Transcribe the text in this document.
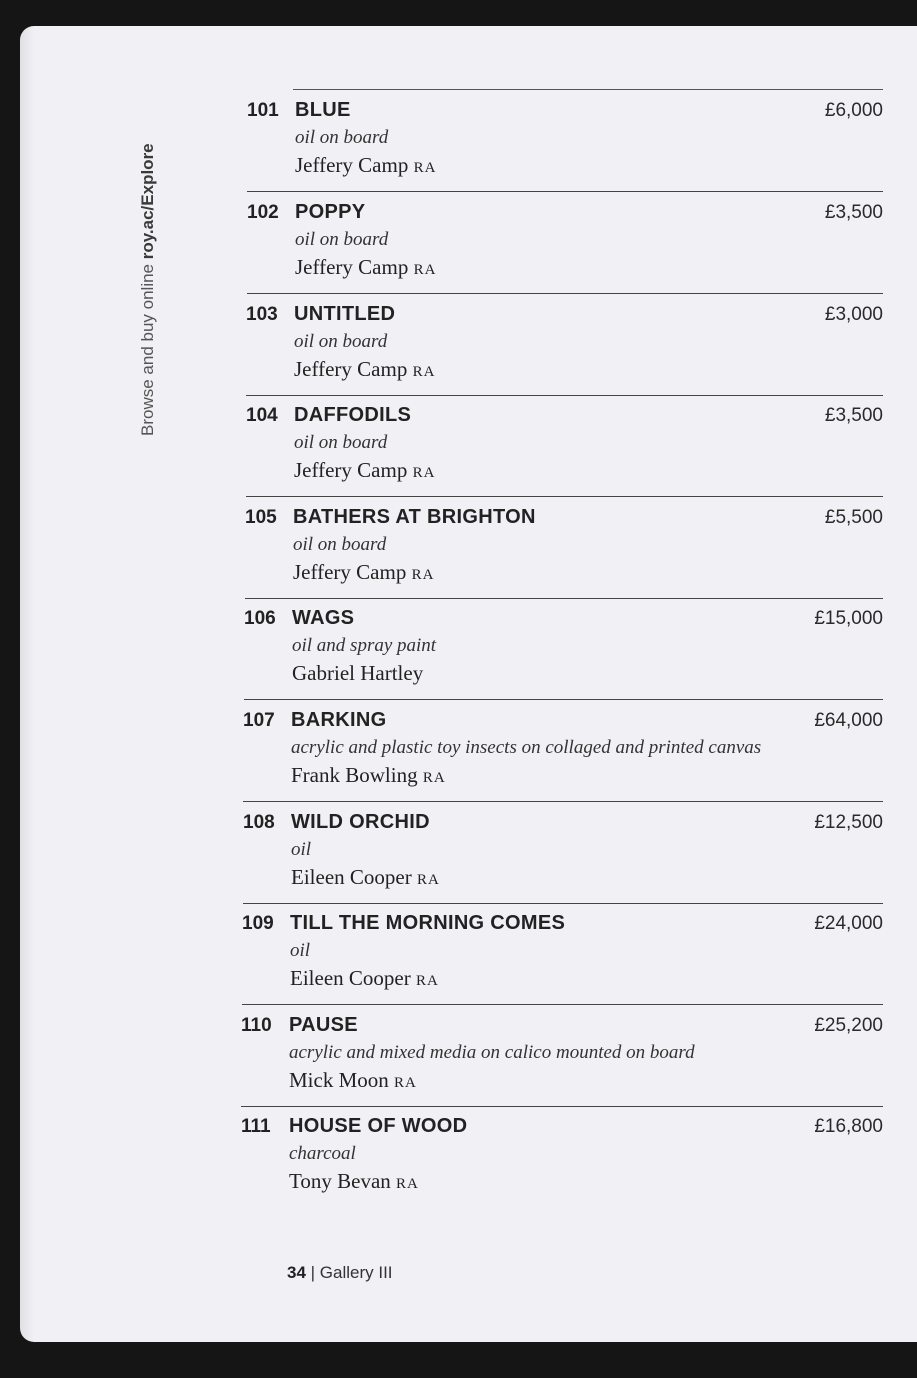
Browse and buy online roy.ac/Explore
101 BLUE
oil on board
Jeffery Camp RA
£6,000
102 POPPY
oil on board
Jeffery Camp RA
£3,500
103 UNTITLED
oil on board
Jeffery Camp RA
£3,000
104 DAFFODILS
oil on board
Jeffery Camp RA
£3,500
105 BATHERS AT BRIGHTON
oil on board
Jeffery Camp RA
£5,500
106 WAGS
oil and spray paint
Gabriel Hartley
£15,000
107 BARKING
acrylic and plastic toy insects on collaged and printed canvas
Frank Bowling RA
£64,000
108 WILD ORCHID
oil
Eileen Cooper RA
£12,500
109 TILL THE MORNING COMES
oil
Eileen Cooper RA
£24,000
110 PAUSE
acrylic and mixed media on calico mounted on board
Mick Moon RA
£25,200
111 HOUSE OF WOOD
charcoal
Tony Bevan RA
£16,800
34 | Gallery III
